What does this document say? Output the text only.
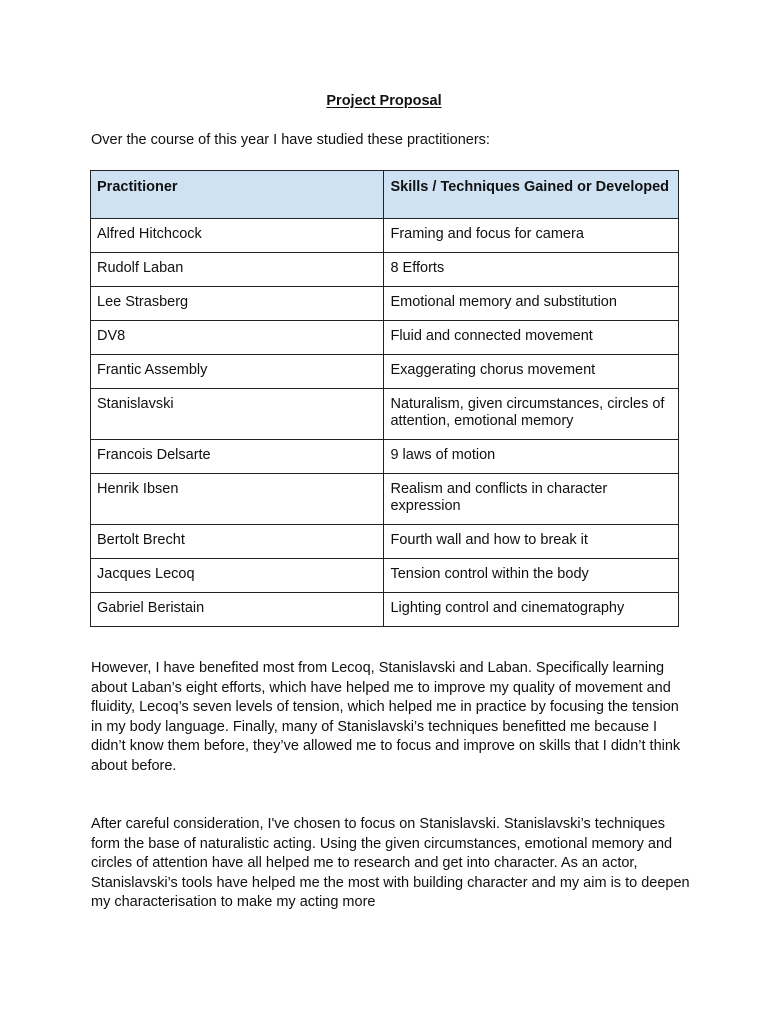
Project Proposal
Over the course of this year I have studied these practitioners:
Practitioner	Skills / Techniques Gained or Developed
Alfred Hitchcock	Framing and focus for camera
Rudolf Laban	8 Efforts
Lee Strasberg	Emotional memory and substitution
DV8	Fluid and connected movement
Frantic Assembly	Exaggerating chorus movement
Stanislavski	Naturalism, given circumstances, circles of attention, emotional memory
Francois Delsarte	9 laws of motion
Henrik Ibsen	Realism and conflicts in character expression
Bertolt Brecht	Fourth wall and how to break it
Jacques Lecoq	Tension control within the body
Gabriel Beristain	Lighting control and cinematography

However, I have benefited most from Lecoq, Stanislavski and Laban. Specifically learning about Laban’s eight efforts, which have helped me to improve my quality of movement and fluidity, Lecoq’s seven levels of tension, which helped me in practice by focusing the tension in my body language. Finally, many of Stanislavski’s techniques benefitted me because I didn’t know them before, they’ve allowed me to focus and improve on skills that I didn’t think about before.

After careful consideration, I've chosen to focus on Stanislavski. Stanislavski’s techniques form the base of naturalistic acting. Using the given circumstances, emotional memory and circles of attention have all helped me to research and get into character. As an actor, Stanislavski’s tools have helped me the most with building character and my aim is to deepen my characterisation to make my acting more
